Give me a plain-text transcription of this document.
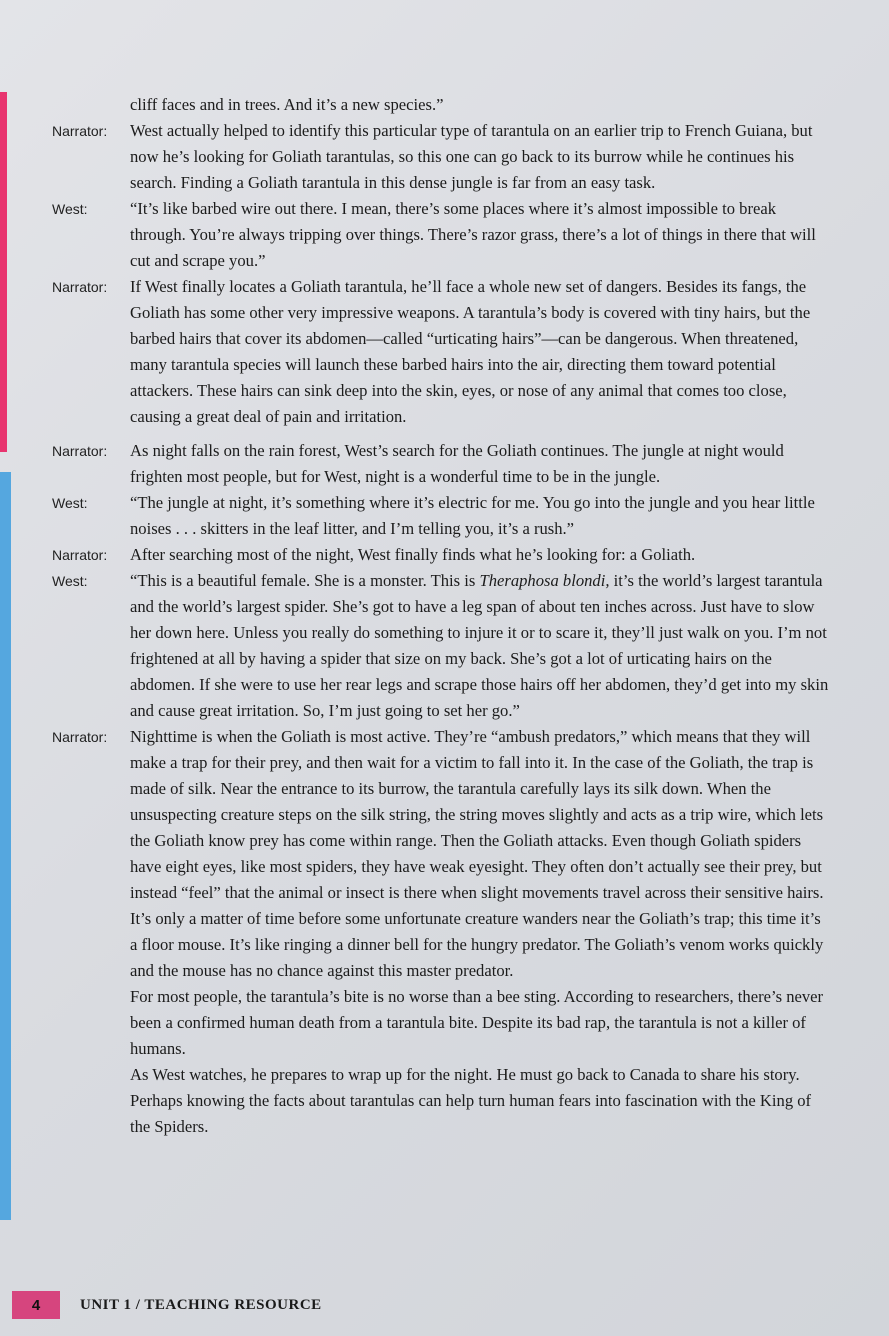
cliff faces and in trees. And it’s a new species.”
Narrator:	West actually helped to identify this particular type of tarantula on an earlier trip to French Guiana, but now he’s looking for Goliath tarantulas, so this one can go back to its burrow while he continues his search. Finding a Goliath tarantula in this dense jungle is far from an easy task.
West:	“It’s like barbed wire out there. I mean, there’s some places where it’s almost impossible to break through. You’re always tripping over things. There’s razor grass, there’s a lot of things in there that will cut and scrape you.”
Narrator:	If West finally locates a Goliath tarantula, he’ll face a whole new set of dangers. Besides its fangs, the Goliath has some other very impressive weapons. A tarantula’s body is covered with tiny hairs, but the barbed hairs that cover its abdomen—called “urticating hairs”—can be dangerous. When threatened, many tarantula species will launch these barbed hairs into the air, directing them toward potential attackers. These hairs can sink deep into the skin, eyes, or nose of any animal that comes too close, causing a great deal of pain and irritation.
Narrator:	As night falls on the rain forest, West’s search for the Goliath continues. The jungle at night would frighten most people, but for West, night is a wonderful time to be in the jungle.
West:	“The jungle at night, it’s something where it’s electric for me. You go into the jungle and you hear little noises . . . skitters in the leaf litter, and I’m telling you, it’s a rush.”
Narrator:	After searching most of the night, West finally finds what he’s looking for: a Goliath.
West:	“This is a beautiful female. She is a monster. This is Theraphosa blondi, it’s the world’s largest tarantula and the world’s largest spider. She’s got to have a leg span of about ten inches across. Just have to slow her down here. Unless you really do something to injure it or to scare it, they’ll just walk on you. I’m not frightened at all by having a spider that size on my back. She’s got a lot of urticating hairs on the abdomen. If she were to use her rear legs and scrape those hairs off her abdomen, they’d get into my skin and cause great irritation. So, I’m just going to set her go.”
Narrator:	Nighttime is when the Goliath is most active. They’re “ambush predators,” which means that they will make a trap for their prey, and then wait for a victim to fall into it. In the case of the Goliath, the trap is made of silk. Near the entrance to its burrow, the tarantula carefully lays its silk down. When the unsuspecting creature steps on the silk string, the string moves slightly and acts as a trip wire, which lets the Goliath know prey has come within range. Then the Goliath attacks. Even though Goliath spiders have eight eyes, like most spiders, they have weak eyesight. They often don’t actually see their prey, but instead “feel” that the animal or insect is there when slight movements travel across their sensitive hairs. It’s only a matter of time before some unfortunate creature wanders near the Goliath’s trap; this time it’s a floor mouse. It’s like ringing a dinner bell for the hungry predator. The Goliath’s venom works quickly and the mouse has no chance against this master predator.
For most people, the tarantula’s bite is no worse than a bee sting. According to researchers, there’s never been a confirmed human death from a tarantula bite. Despite its bad rap, the tarantula is not a killer of humans.
As West watches, he prepares to wrap up for the night. He must go back to Canada to share his story. Perhaps knowing the facts about tarantulas can help turn human fears into fascination with the King of the Spiders.
4	UNIT 1 / TEACHING RESOURCE
